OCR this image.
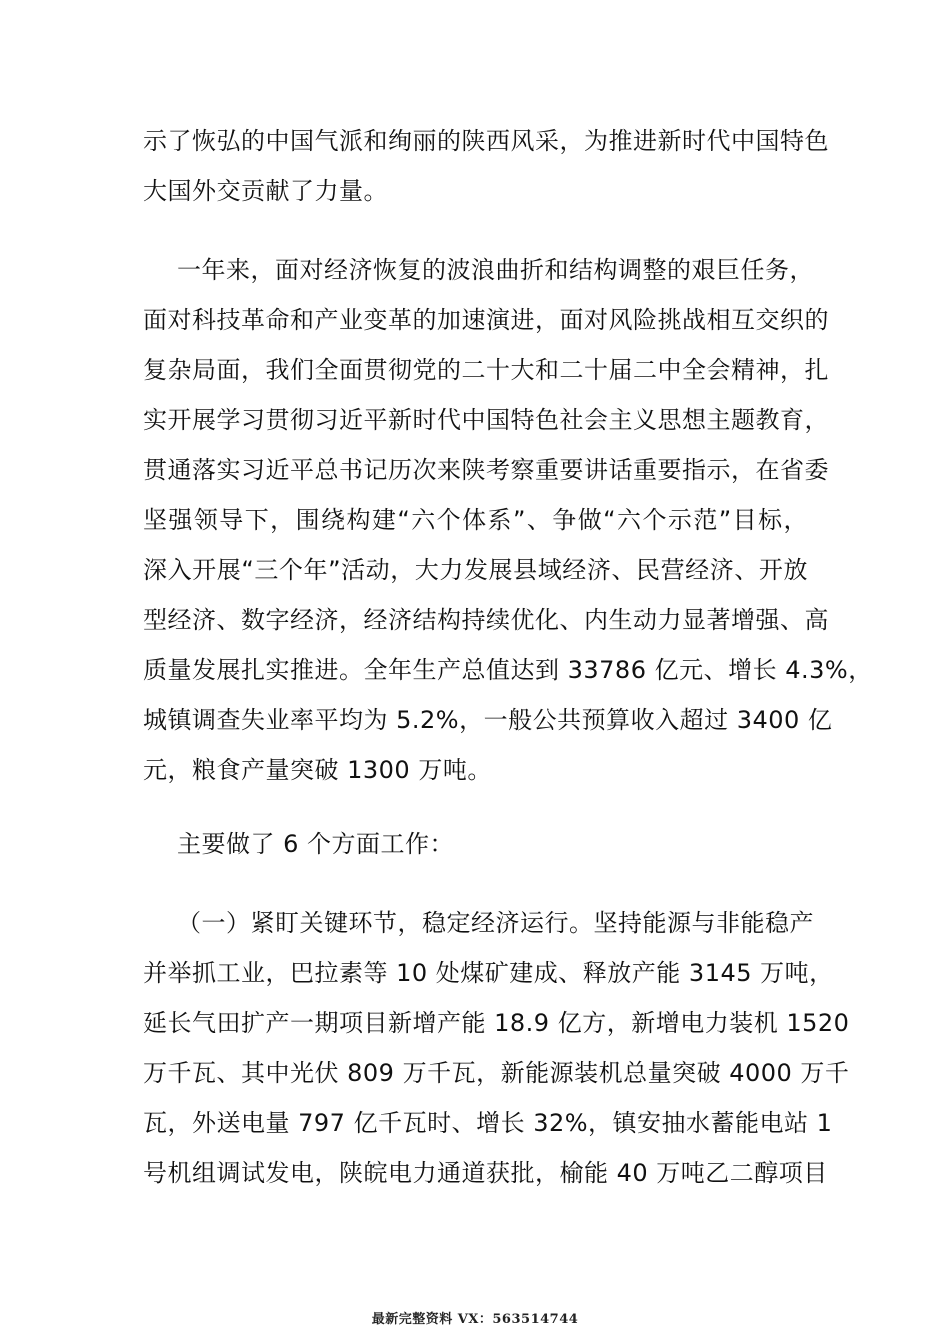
示了恢弘的中国气派和绚丽的陕西风采，为推进新时代中国特色
大国外交贡献了力量。
一年来，面对经济恢复的波浪曲折和结构调整的艰巨任务，
面对科技革命和产业变革的加速演进，面对风险挑战相互交织的
复杂局面，我们全面贯彻党的二十大和二十届二中全会精神，扎
实开展学习贯彻习近平新时代中国特色社会主义思想主题教育，
贯通落实习近平总书记历次来陕考察重要讲话重要指示，在省委
坚强领导下，围绕构建“六个体系”、争做“六个示范”目标，
深入开展“三个年”活动，大力发展县域经济、民营经济、开放
型经济、数字经济，经济结构持续优化、内生动力显著增强、高
质量发展扎实推进。全年生产总值达到 33786 亿元、增长 4.3%，
城镇调查失业率平均为 5.2%，一般公共预算收入超过 3400 亿
元，粮食产量突破 1300 万吨。
主要做了 6 个方面工作：
（一）紧盯关键环节，稳定经济运行。坚持能源与非能稳产
并举抓工业，巴拉素等 10 处煤矿建成、释放产能 3145 万吨，
延长气田扩产一期项目新增产能 18.9 亿方，新增电力装机 1520
万千瓦、其中光伏 809 万千瓦，新能源装机总量突破 4000 万千
瓦，外送电量 797 亿千瓦时、增长 32%，镇安抽水蓄能电站 1
号机组调试发电，陕皖电力通道获批，榆能 40 万吨乙二醇项目
最新完整资料 VX：563514744
